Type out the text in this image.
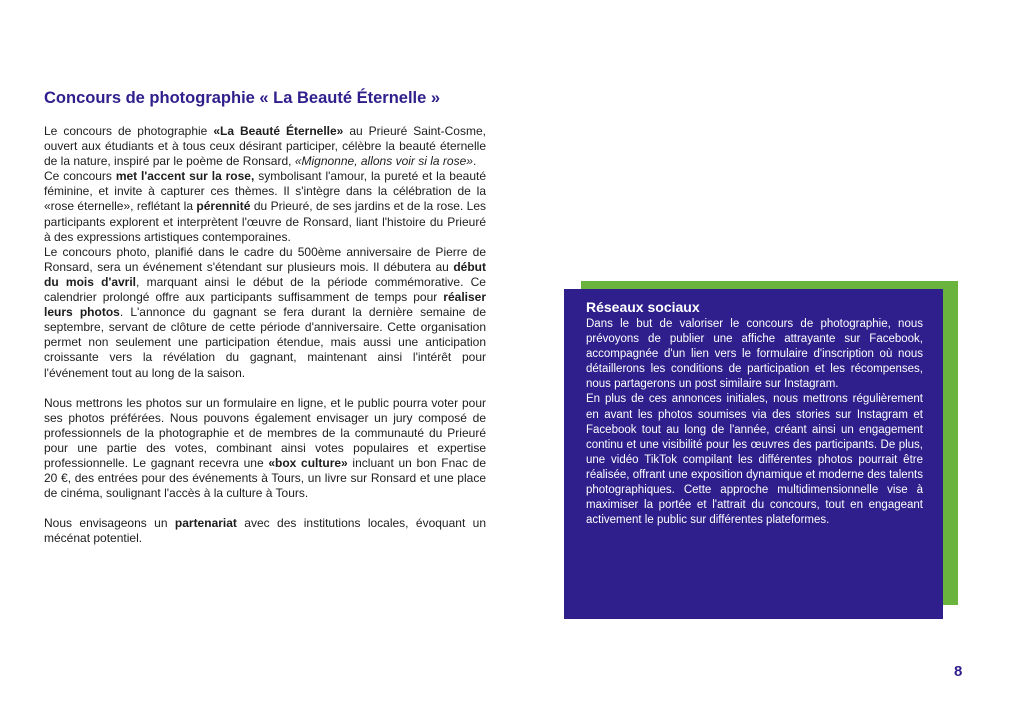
Concours de photographie « La Beauté Éternelle »

Le concours de photographie «La Beauté Éternelle» au Prieuré Saint-Cosme, ouvert aux étudiants et à tous ceux désirant participer, célèbre la beauté éternelle de la nature, inspiré par le poème de Ronsard, «Mignonne, allons voir si la rose».

Ce concours met l'accent sur la rose, symbolisant l'amour, la pureté et la beauté féminine, et invite à capturer ces thèmes. Il s'intègre dans la célébration de la «rose éternelle», reflétant la pérennité du Prieuré, de ses jardins et de la rose. Les participants explorent et interprètent l'œuvre de Ronsard, liant l'histoire du Prieuré à des expressions artistiques contemporaines.

Le concours photo, planifié dans le cadre du 500ème anniversaire de Pierre de Ronsard, sera un événement s'étendant sur plusieurs mois. Il débutera au début du mois d'avril, marquant ainsi le début de la période commémorative. Ce calendrier prolongé offre aux participants suffisamment de temps pour réaliser leurs photos. L'annonce du gagnant se fera durant la dernière semaine de septembre, servant de clôture de cette période d'anniversaire. Cette organisation permet non seulement une participation étendue, mais aussi une anticipation croissante vers la révélation du gagnant, maintenant ainsi l'intérêt pour l'événement tout au long de la saison.

Nous mettrons les photos sur un formulaire en ligne, et le public pourra voter pour ses photos préférées. Nous pouvons également envisager un jury composé de professionnels de la photographie et de membres de la communauté du Prieuré pour une partie des votes, combinant ainsi votes populaires et expertise professionnelle. Le gagnant recevra une «box culture» incluant un bon Fnac de 20 €, des entrées pour des événements à Tours, un livre sur Ronsard et une place de cinéma, soulignant l'accès à la culture à Tours.

Nous envisageons un partenariat avec des institutions locales, évoquant un mécénat potentiel.

Réseaux sociaux

Dans le but de valoriser le concours de photographie, nous prévoyons de publier une affiche attrayante sur Facebook, accompagnée d'un lien vers le formulaire d'inscription où nous détaillerons les conditions de participation et les récompenses, nous partagerons un post similaire sur Instagram.

En plus de ces annonces initiales, nous mettrons régulièrement en avant les photos soumises via des stories sur Instagram et Facebook tout au long de l'année, créant ainsi un engagement continu et une visibilité pour les œuvres des participants. De plus, une vidéo TikTok compilant les différentes photos pourrait être réalisée, offrant une exposition dynamique et moderne des talents photographiques. Cette approche multidimensionnelle vise à maximiser la portée et l'attrait du concours, tout en engageant activement le public sur différentes plateformes.

8
